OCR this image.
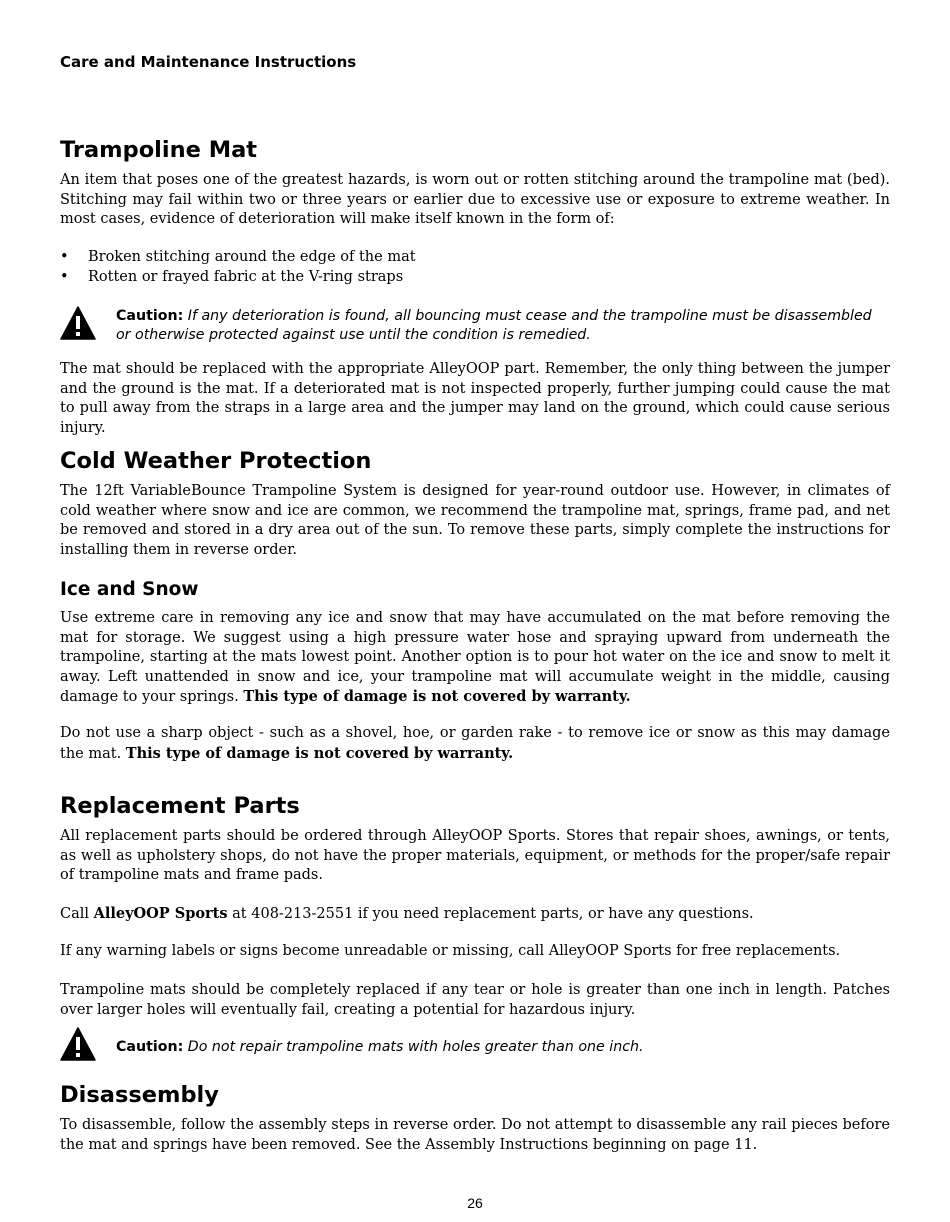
Care and Maintenance Instructions
Trampoline Mat

An item that poses one of the greatest hazards, is worn out or rotten stitching around the trampoline mat (bed). Stitching may fail within two or three years or earlier due to excessive use or exposure to extreme weather. In most cases, evidence of deterioration will make itself known in the form of:

• Broken stitching around the edge of the mat
• Rotten or frayed fabric at the V-ring straps
Caution: If any deterioration is found, all bouncing must cease and the trampoline must be disassembled or otherwise protected against use until the condition is remedied.

The mat should be replaced with the appropriate AlleyOOP part. Remember, the only thing between the jumper and the ground is the mat. If a deteriorated mat is not inspected properly, further jumping could cause the mat to pull away from the straps in a large area and the jumper may land on the ground, which could cause serious injury.

Cold Weather Protection

The 12ft VariableBounce Trampoline System is designed for year-round outdoor use. However, in climates of cold weather where snow and ice are common, we recommend the trampoline mat, springs, frame pad, and net be removed and stored in a dry area out of the sun. To remove these parts, simply complete the instructions for installing them in reverse order.

Ice and Snow

Use extreme care in removing any ice and snow that may have accumulated on the mat before removing the mat for storage. We suggest using a high pressure water hose and spraying upward from underneath the trampoline, starting at the mats lowest point. Another option is to pour hot water on the ice and snow to melt it away. Left unattended in snow and ice, your trampoline mat will accumulate weight in the middle, causing damage to your springs. This type of damage is not covered by warranty.

Do not use a sharp object - such as a shovel, hoe, or garden rake - to remove ice or snow as this may damage the mat. This type of damage is not covered by warranty.

Replacement Parts

All replacement parts should be ordered through AlleyOOP Sports. Stores that repair shoes, awnings, or tents, as well as upholstery shops, do not have the proper materials, equipment, or methods for the proper/safe repair of trampoline mats and frame pads.

Call AlleyOOP Sports at 408-213-2551 if you need replacement parts, or have any questions.

If any warning labels or signs become unreadable or missing, call AlleyOOP Sports for free replacements.

Trampoline mats should be completely replaced if any tear or hole is greater than one inch in length. Patches over larger holes will eventually fail, creating a potential for hazardous injury.

Caution: Do not repair trampoline mats with holes greater than one inch.
Disassembly

To disassemble, follow the assembly steps in reverse order. Do not attempt to disassemble any rail pieces before the mat and springs have been removed. See the Assembly Instructions beginning on page 11.

26
